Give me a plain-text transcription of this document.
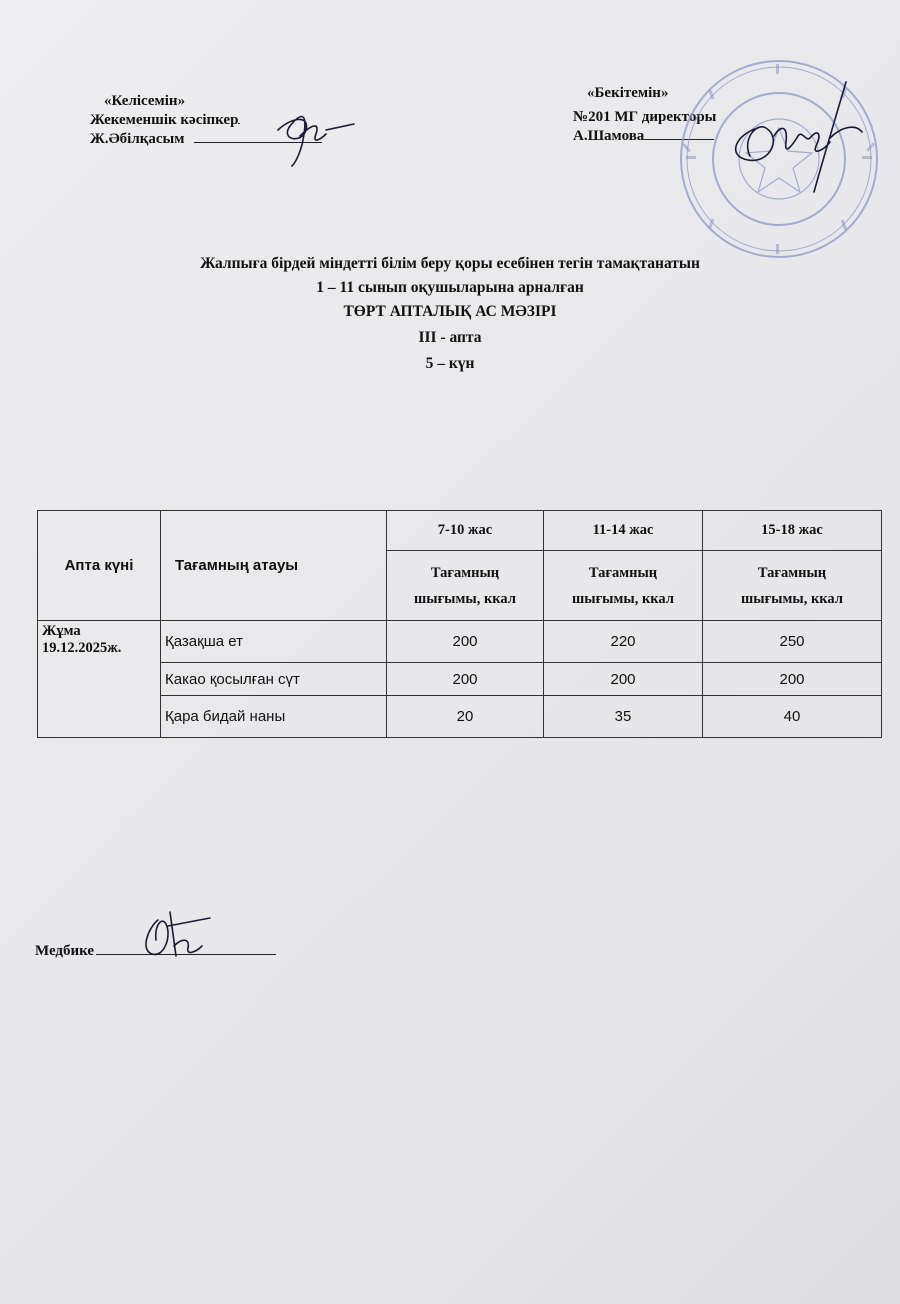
«Келісемін»
Жекеменшік кәсіпкер
Ж.Әбілқасым
«Бекітемін»
№201 МГ директоры
А.Шамова
Жалпыға бірдей міндетті білім беру қоры есебінен тегін тамақтанатын
1 – 11 сынып оқушыларына арналған
ТӨРТ АПТАЛЫҚ АС МӘЗІРІ
ІІІ - апта
5 – күн
Апта күні	Тағамның атауы	7-10 жас	11-14 жас	15-18 жас
		Тағамның
шығымы, ккал	Тағамның
шығымы, ккал	Тағамның
шығымы, ккал

Жұма
19.12.2025ж.	Қазақша ет	200	220	250
	Какао қосылған сүт	200	200	200
	Қара бидай наны	20	35	40
Медбике
